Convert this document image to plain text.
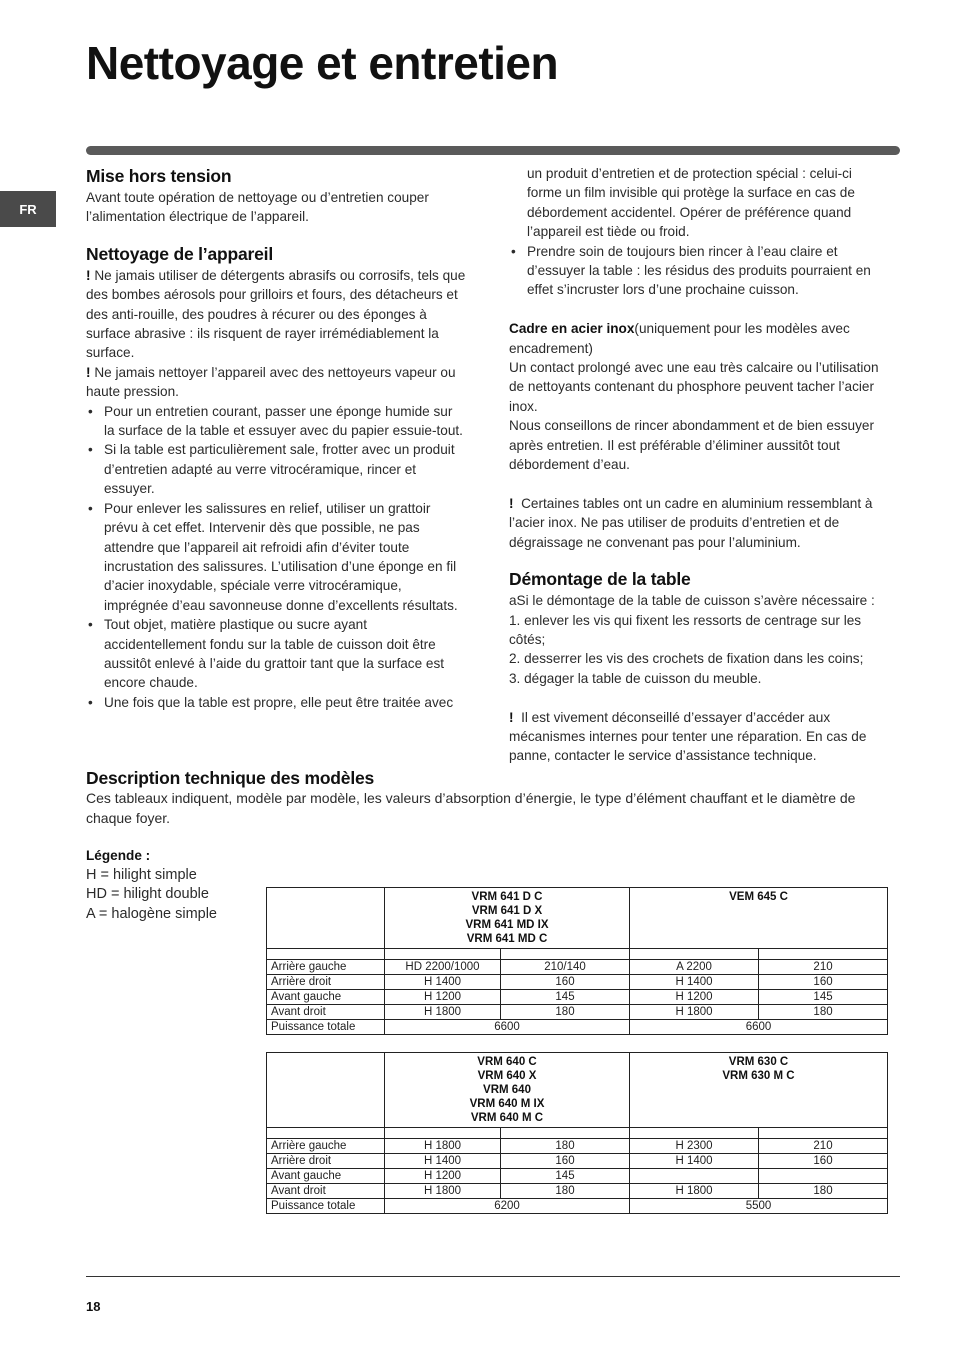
Nettoyage et entretien
FR
Mise hors tension

Avant toute opération de nettoyage ou d’entretien couper l’alimentation électrique de l’appareil.

Nettoyage de l’appareil

! Ne jamais utiliser de détergents abrasifs ou corrosifs, tels que des bombes aérosols pour grilloirs et fours, des détacheurs et des anti-rouille, des poudres à récurer ou des éponges à surface abrasive : ils risquent de rayer irrémédiablement la surface.

! Ne jamais nettoyer l’appareil avec des nettoyeurs vapeur ou haute pression.

• Pour un entretien courant, passer une éponge humide sur la surface de la table et essuyer avec du papier essuie-tout.
• Si la table est particulièrement sale, frotter avec un produit d’entretien adapté au verre vitrocéramique, rincer et essuyer.
• Pour enlever les salissures en relief, utiliser un grattoir prévu à cet effet. Intervenir dès que possible, ne pas attendre que l’appareil ait refroidi afin d’éviter toute incrustation des salissures. L’utilisation d’une éponge en fil d’acier inoxydable, spéciale verre vitrocéramique, imprégnée d’eau savonneuse donne d’excellents résultats.
• Tout objet, matière plastique ou sucre ayant accidentellement fondu sur la table de cuisson doit être aussitôt enlevé à l’aide du grattoir tant que la surface est encore chaude.
• Une fois que la table est propre, elle peut être traitée avec

un produit d’entretien et de protection spécial : celui-ci forme un film invisible qui protège la surface en cas de débordement accidentel. Opérer de préférence quand l’appareil est tiède ou froid.

• Prendre soin de toujours bien rincer à l’eau claire et d’essuyer la table : les résidus des produits pourraient en effet s’incruster lors d’une prochaine cuisson.

Cadre en acier inox(uniquement pour les modèles avec encadrement)

Un contact prolongé avec une eau très calcaire ou l’utilisation de nettoyants contenant du phosphore peuvent tacher l’acier inox.

Nous conseillons de rincer abondamment et de bien essuyer après entretien. Il est préférable d’éliminer aussitôt tout débordement d’eau.

! Certaines tables ont un cadre en aluminium ressemblant à l’acier inox. Ne pas utiliser de produits d’entretien et de dégraissage ne convenant pas pour l’aluminium.

Démontage de la table

aSi le démontage de la table de cuisson s’avère nécessaire :

1. enlever les vis qui fixent les ressorts de centrage sur les côtés;

2. desserrer les vis des crochets de fixation dans les coins;

3. dégager la table de cuisson du meuble.

! Il est vivement déconseillé d’essayer d’accéder aux mécanismes internes pour tenter une réparation. En cas de panne, contacter le service d’assistance technique.

Description technique des modèles

Ces tableaux indiquent, modèle par modèle, les valeurs d’absorption d’énergie, le type d’élément chauffant et le diamètre de chaque foyer.

Légende :
H = hilight simple
HD = hilight double
A = halogène simple

	VRM 641 D C
VRM 641 D X
VRM 641 MD IX
VRM 641 MD C		VEM 645 C	

Arrière gauche	HD 2200/1000	210/140	A 2200	210
Arrière droit	H 1400	160	H 1400	160
Avant gauche	H 1200	145	H 1200	145
Avant droit	H 1800	180	H 1800	180
Puissance totale	6600		6600	

	VRM 640 C
VRM 640 X
VRM 640
VRM 640 M IX
VRM 640 M C		VRM 630 C
VRM 630 M C	

Arrière gauche	H 1800	180	H 2300	210
Arrière droit	H 1400	160	H 1400	160
Avant gauche	H 1200	145		
Avant droit	H 1800	180	H 1800	180
Puissance totale	6200		5500	
18
